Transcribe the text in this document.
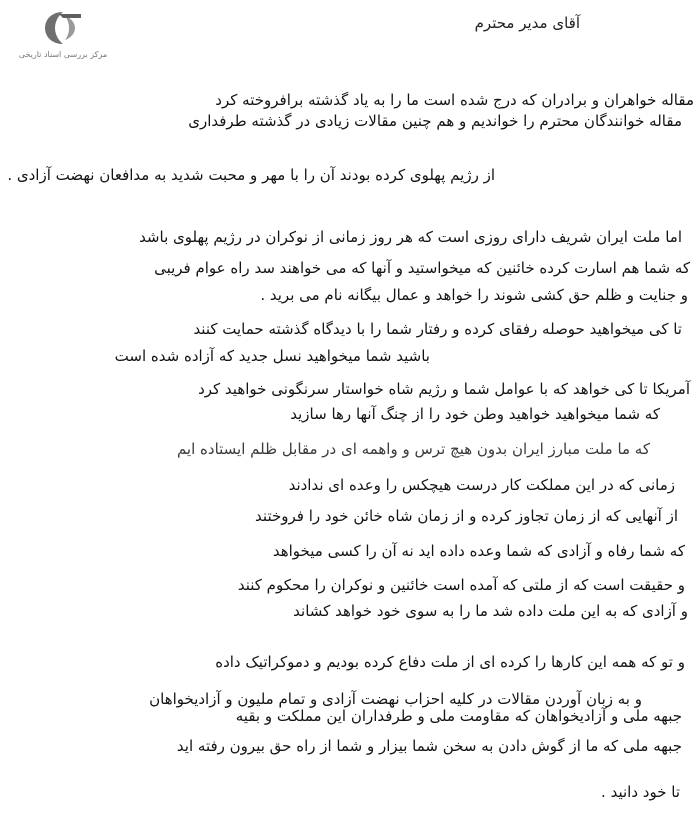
مرکز بررسی اسناد تاریخی
آقای مدیر محترم
مقاله خواهران و برادران که درج شده است ما را به یاد گذشته برافروخته کرد
مقاله خوانندگان محترم را خواندیم و هم چنین مقالات زیادی در گذشته طرفداری
از رژیم پهلوی کرده بودند آن را با مهر و محبت شدید به مدافعان نهضت آزادی .
اما ملت ایران شریف دارای روزی است که هر روز زمانی از نوکران در رژیم پهلوی باشد
که شما هم اسارت کرده خائنین که میخواستید و آنها که می خواهند سد راه عوام فریبی
و جنایت و ظلم حق کشی شوند را خواهد و عمال بیگانه نام می برید .
تا کی میخواهید حوصله رفقای کرده و رفتار شما را با دیدگاه گذشته حمایت کنند
باشید شما میخواهید نسل جدید که آزاده شده است
آمریکا تا کی خواهد که با عوامل شما و رژیم شاه خواستار سرنگونی خواهید کرد
که شما میخواهید خواهید وطن خود را از چنگ آنها رها سازید
که ما ملت مبارز ایران بدون هیچ ترس و واهمه ای در مقابل ظلم ایستاده ایم
زمانی که در این مملکت کار درست هیچکس را وعده ای ندادند
از آنهایی که از زمان تجاوز کرده و از زمان شاه خائن خود را فروختند
که شما رفاه و آزادی که شما وعده داده اید نه آن را کسی میخواهد
و حقیقت است که از ملتی که آمده است خائنین و نوکران را محکوم کنند
و آزادی که به این ملت داده شد ما را به سوی خود خواهد کشاند
و تو که همه این کارها را کرده ای از ملت دفاع کرده بودیم و دموکراتیک داده
و به زبان آوردن مقالات در کلیه احزاب نهضت آزادی و تمام ملیون و آزادیخواهان
جبهه ملی و آزادیخواهان که مقاومت ملی و طرفداران این مملکت و بقیه
جبهه ملی که ما از گوش دادن به سخن شما بیزار و شما از راه حق بیرون رفته اید
تا خود دانید .
